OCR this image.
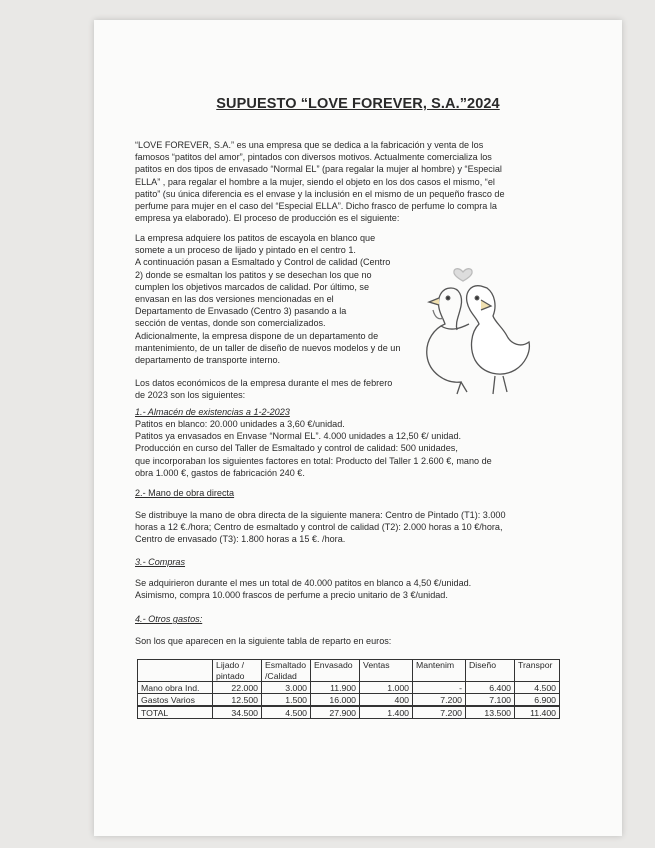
SUPUESTO “LOVE FOREVER, S.A.”2024
“LOVE FOREVER, S.A.” es una empresa que se dedica a la fabricación y venta de los
famosos “patitos del amor”, pintados con diversos motivos. Actualmente comercializa los
patitos en dos tipos de envasado “Normal EL” (para regalar la mujer al hombre) y “Especial
ELLA” , para regalar el hombre a la mujer, siendo el objeto en los dos casos el mismo, “el
patito” (su única diferencia es el envase y la inclusión en el mismo de un pequeño frasco de
perfume para mujer en el caso del “Especial ELLA”. Dicho frasco de perfume lo compra la
empresa ya elaborado). El proceso de producción es el siguiente:
La empresa adquiere los patitos de escayola en blanco que
somete a un proceso de lijado y pintado en el centro 1.
A continuación pasan a Esmaltado y Control de calidad (Centro
2) donde se esmaltan los patitos y se desechan los que no
cumplen los objetivos marcados de calidad. Por último, se
envasan en las dos versiones mencionadas en el
Departamento de Envasado (Centro 3) pasando a la
sección de ventas, donde son comercializados.
Adicionalmente, la empresa dispone de un departamento de
mantenimiento, de un taller de diseño de nuevos modelos y de un
departamento de transporte interno.
Los datos económicos de la empresa durante el mes de febrero
de 2023 son los siguientes:
1.- Almacén de existencias a 1-2-2023
Patitos en blanco: 20.000 unidades a 3,60 €/unidad.
Patitos ya envasados en Envase “Normal EL”. 4.000 unidades a 12,50 €/ unidad.
Producción en curso del Taller de Esmaltado y control de calidad: 500 unidades,
que incorporaban los siguientes factores en total: Producto del Taller 1 2.600 €, mano de
obra 1.000 €, gastos de fabricación 240 €.
2.- Mano de obra directa
Se distribuye la mano de obra directa de la siguiente manera: Centro de Pintado (T1): 3.000
horas a 12 €./hora; Centro de esmaltado y control de calidad (T2): 2.000 horas a 10 €/hora,
Centro de envasado (T3): 1.800 horas a 15 €. /hora.
3.- Compras
Se adquirieron durante el mes un total de 40.000 patitos en blanco a 4,50 €/unidad.
Asimismo, compra 10.000 frascos de perfume a precio unitario de 3 €/unidad.
4.- Otros gastos:
Son los que aparecen en la siguiente tabla de reparto en euros:
	Lijado / pintado	Esmaltado /Calidad	Envasado	Ventas	Mantenim	Diseño	Transpor
Mano obra Ind.	22.000	3.000	11.900	1.000	-	6.400	4.500
Gastos Varios	12.500	1.500	16.000	400	7.200	7.100	6.900
TOTAL	34.500	4.500	27.900	1.400	7.200	13.500	11.400
